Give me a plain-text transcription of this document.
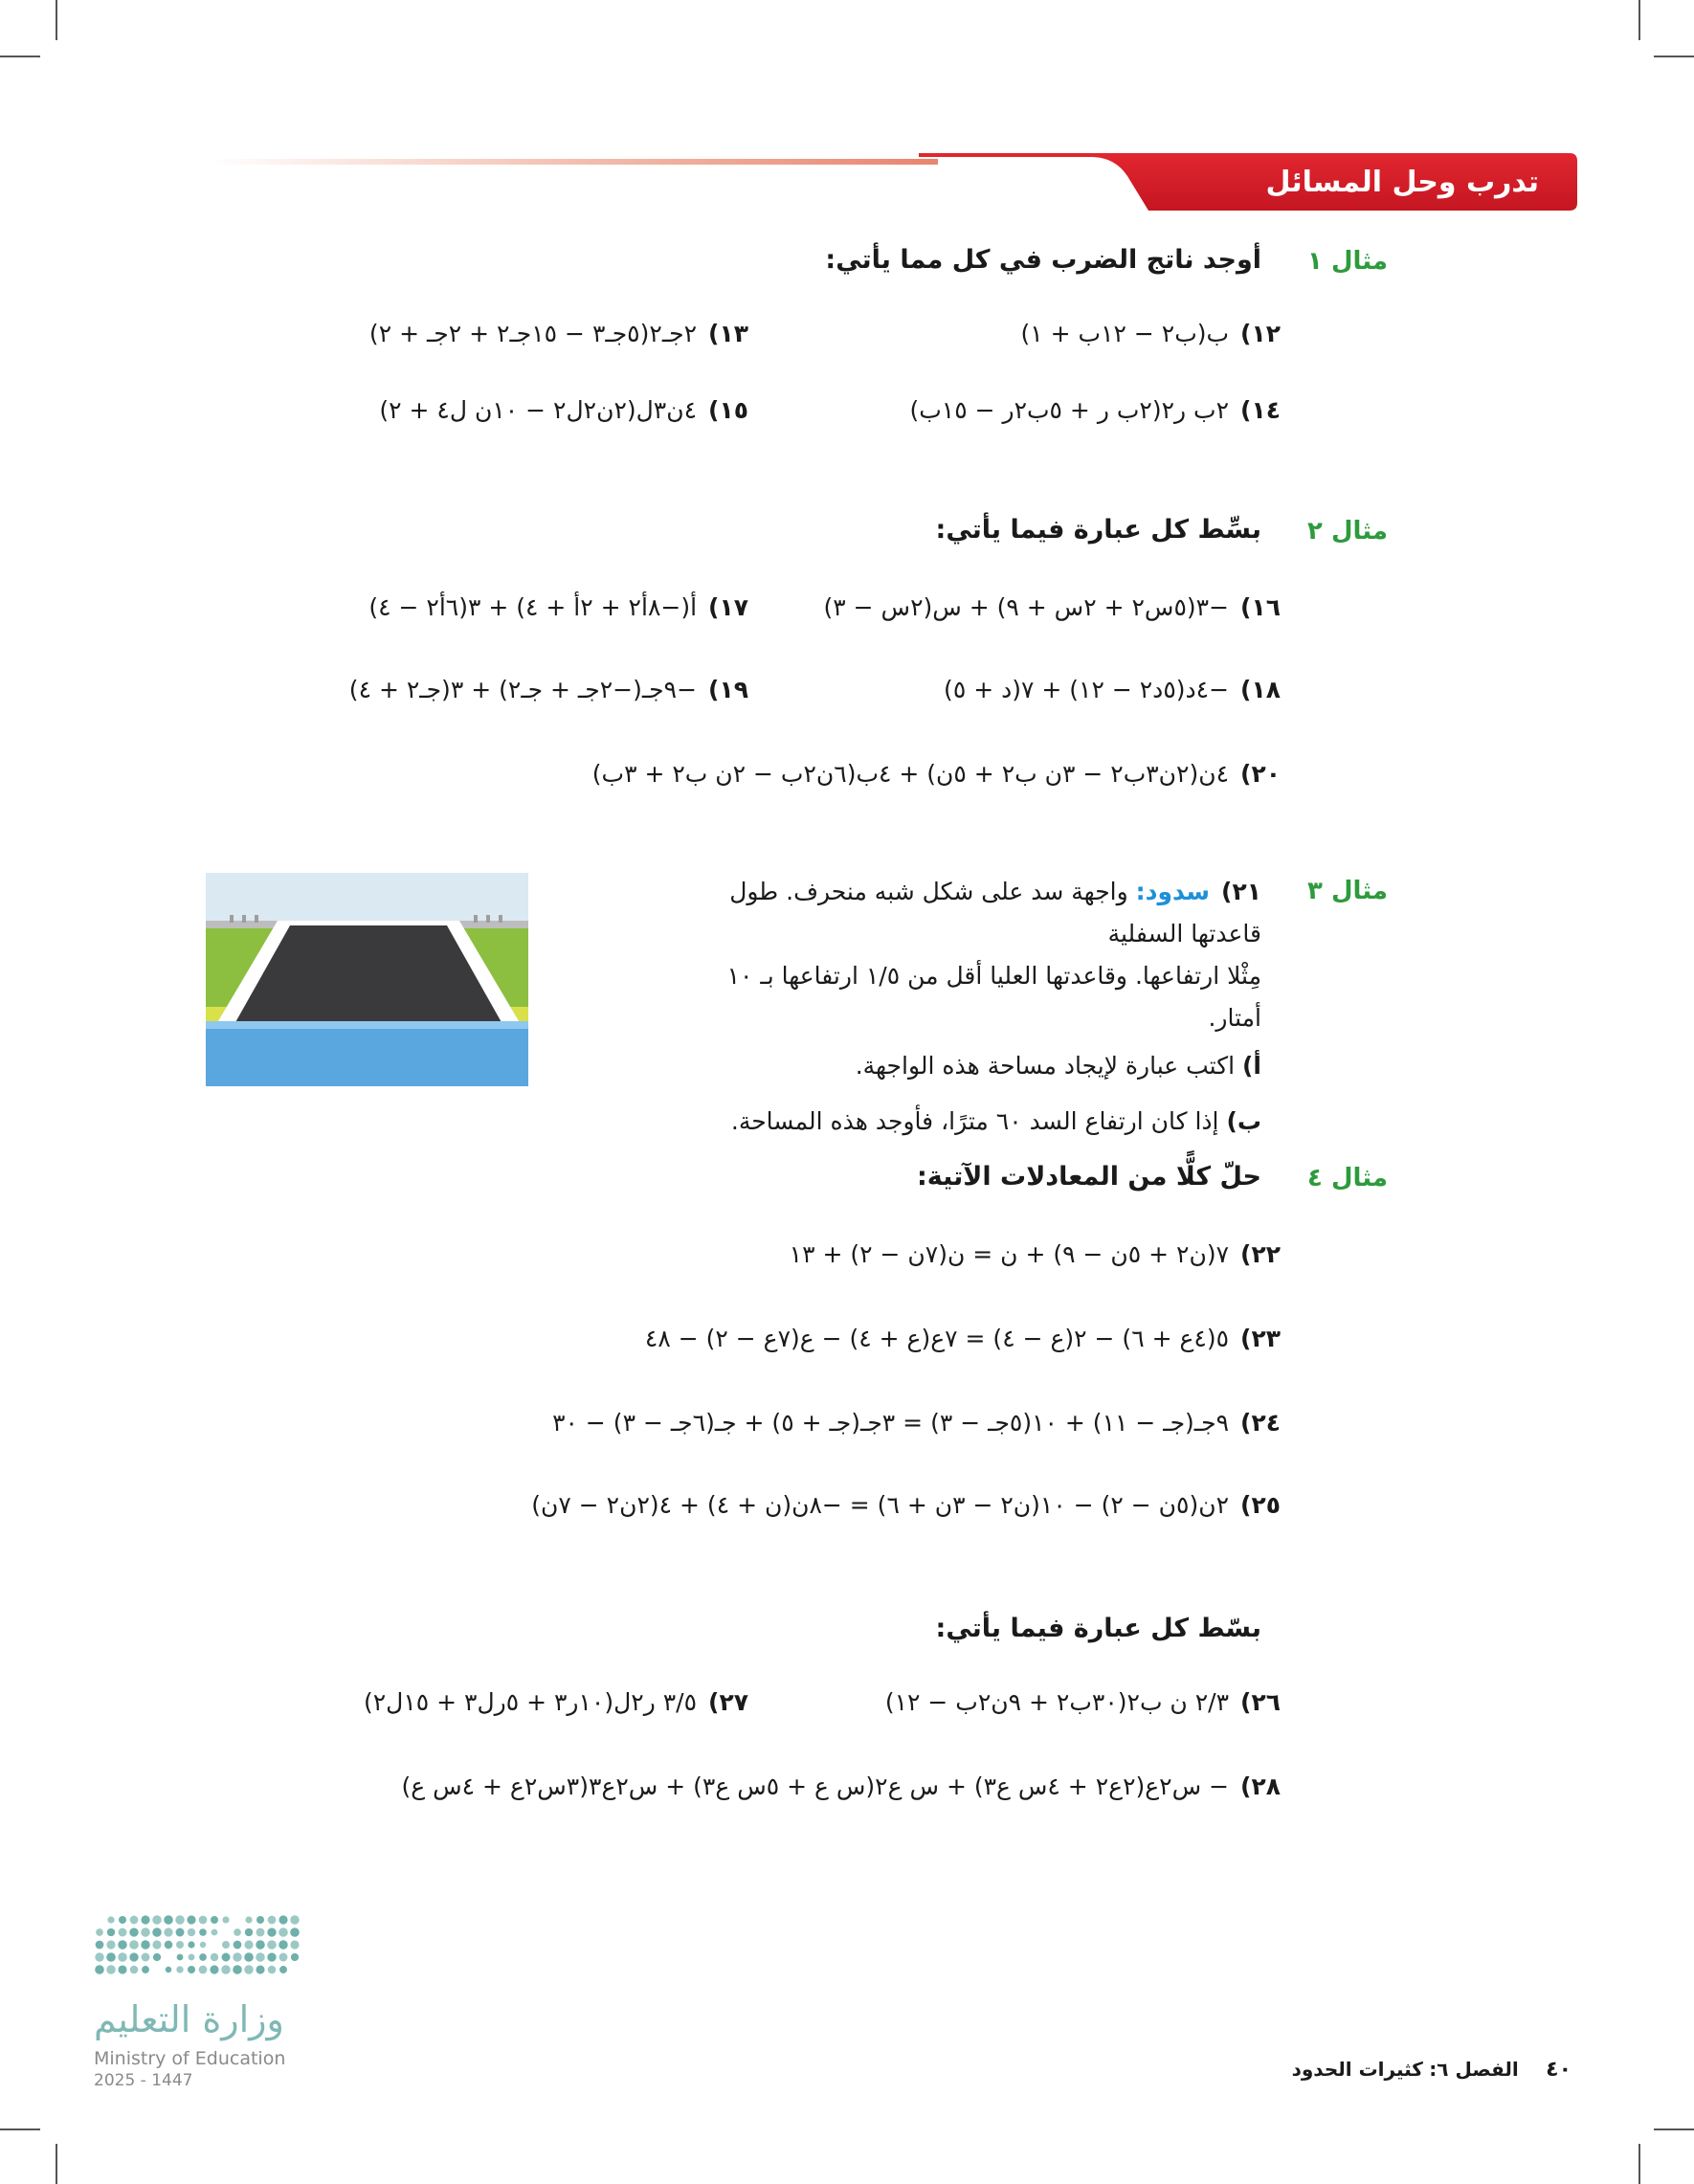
تدرب وحل المسائل
مثال ١
أوجد ناتج الضرب في كل مما يأتي:
١٢)ب(ب٢ − ١٢ب + ١)
١٣)٢جـ٢(٥جـ٣ − ١٥جـ٢ + ٢جـ + ٢)
١٤)٢ب ر٢(٢ب ر + ٥ب٢ر − ١٥ب)
١٥)٤ن٣ل(٢ن٢ل٢ − ١٠ن ل٤ + ٢)
مثال ٢
بسِّط كل عبارة فيما يأتي:
١٦)−٣(٥س٢ + ٢س + ٩) + س(٢س − ٣)
١٧)أ(−٨أ٢ + ٢أ + ٤) + ٣(٦أ٢ − ٤)
١٨)−٤د(٥د٢ − ١٢) + ٧(د + ٥)
١٩)−٩جـ(−٢جـ + جـ٢) + ٣(جـ٢ + ٤)
٢٠)٤ن(٢ن٣ب٢ − ٣ن ب٢ + ٥ن) + ٤ب(٦ن٢ب − ٢ن ب٢ + ٣ب)
مثال ٣
٢١)سدود: واجهة سد على شكل شبه منحرف. طول قاعدتها السفلية
مِثْلا ارتفاعها. وقاعدتها العليا أقل من ١/٥ ارتفاعها بـ ١٠ أمتار.
أ) اكتب عبارة لإيجاد مساحة هذه الواجهة.
ب) إذا كان ارتفاع السد ٦٠ مترًا، فأوجد هذه المساحة.
مثال ٤
حلّ كلًّا من المعادلات الآتية:
٢٢)٧(ن٢ + ٥ن − ٩) + ن = ن(٧ن − ٢) + ١٣
٢٣)٥(٤ع + ٦) − ٢(ع − ٤) = ٧ع(ع + ٤) − ع(٧ع − ٢) − ٤٨
٢٤)٩جـ(جـ − ١١) + ١٠(٥جـ − ٣) = ٣جـ(جـ + ٥) + جـ(٦جـ − ٣) − ٣٠
٢٥)٢ن(٥ن − ٢) − ١٠(ن٢ − ٣ن + ٦) = −٨ن(ن + ٤) + ٤(٢ن٢ − ٧ن)
بسّط كل عبارة فيما يأتي:
٢٦)٢/٣ ن ب٢(٣٠ب٢ + ٩ن٢ب − ١٢)
٢٧)٣/٥ ر٢ل(١٠ر٣ + ٥رل٣ + ١٥ل٢)
٢٨)− س٢ع(٢ع٢ + ٤س ع٣) + س ع٢(س ع + ٥س ع٣) + س٢ع٣(٣س٢ع + ٤س ع)
وزارة التعليم
Ministry of Education
2025 - 1447	٤٠ الفصل ٦: كثيرات الحدود
